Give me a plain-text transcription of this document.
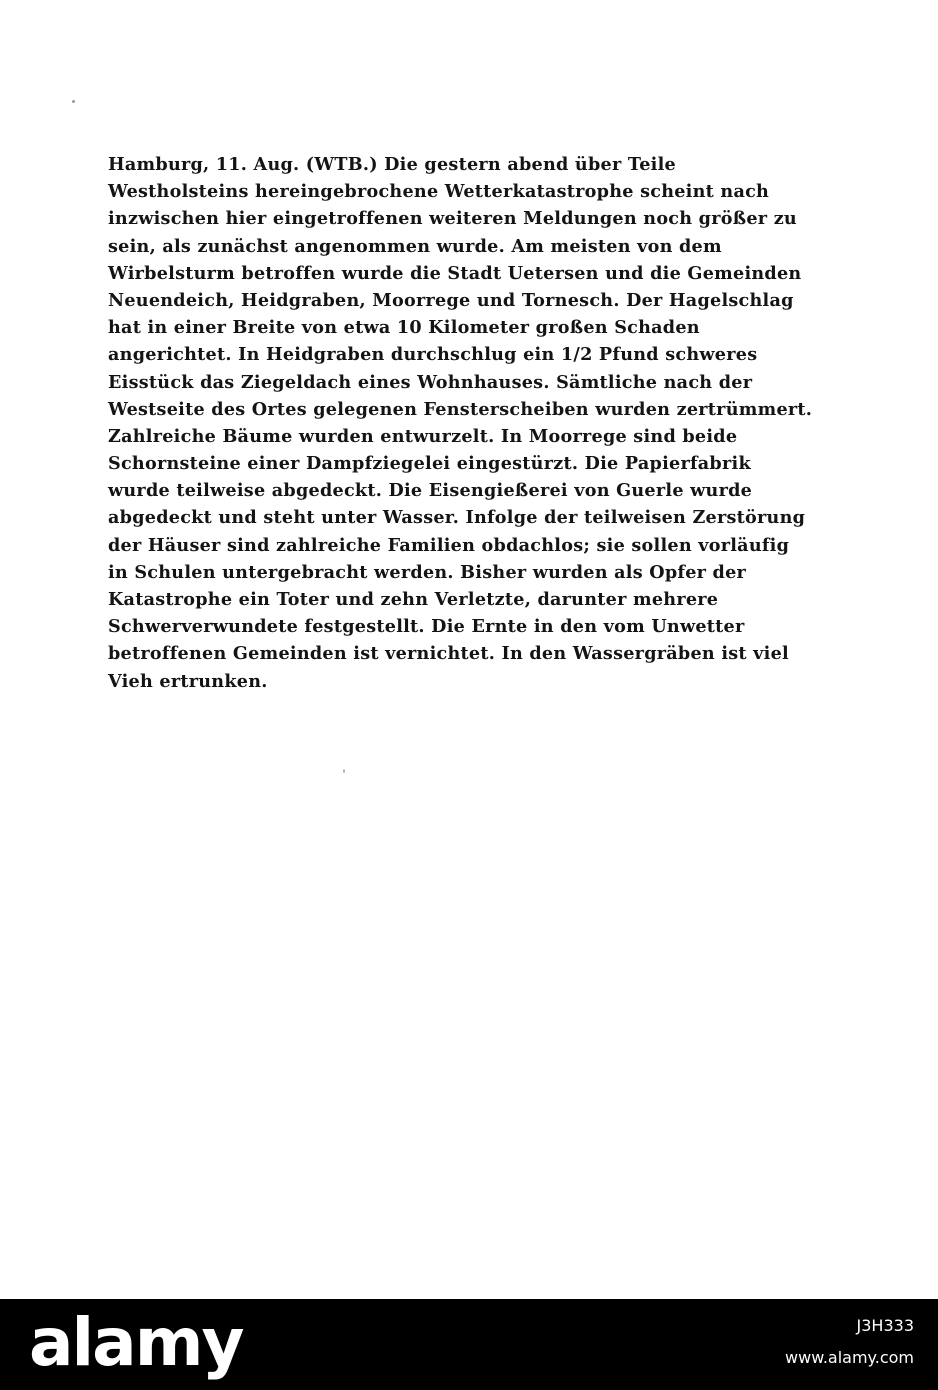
Hamburg, 11. Aug. (WTB.) Die gestern abend über Teile
Westholsteins hereingebrochene Wetterkatastrophe scheint nach
inzwischen hier eingetroffenen weiteren Meldungen noch größer zu
sein, als zunächst angenommen wurde. Am meisten von dem
Wirbelsturm betroffen wurde die Stadt Uetersen und die Gemeinden
Neuendeich, Heidgraben, Moorrege und Tornesch. Der Hagelschlag
hat in einer Breite von etwa 10 Kilometer großen Schaden
angerichtet. In Heidgraben durchschlug ein 1/2 Pfund schweres
Eisstück das Ziegeldach eines Wohnhauses. Sämtliche nach der
Westseite des Ortes gelegenen Fensterscheiben wurden zertrümmert.
Zahlreiche Bäume wurden entwurzelt. In Moorrege sind beide
Schornsteine einer Dampfziegelei eingestürzt. Die Papierfabrik
wurde teilweise abgedeckt. Die Eisengießerei von Guerle wurde
abgedeckt und steht unter Wasser. Infolge der teilweisen Zerstörung
der Häuser sind zahlreiche Familien obdachlos; sie sollen vorläufig
in Schulen untergebracht werden. Bisher wurden als Opfer der
Katastrophe ein Toter und zehn Verletzte, darunter mehrere
Schwerverwundete festgestellt. Die Ernte in den vom Unwetter
betroffenen Gemeinden ist vernichtet. In den Wassergräben ist viel
Vieh ertrunken.
alamy	J3H333
www.alamy.com
